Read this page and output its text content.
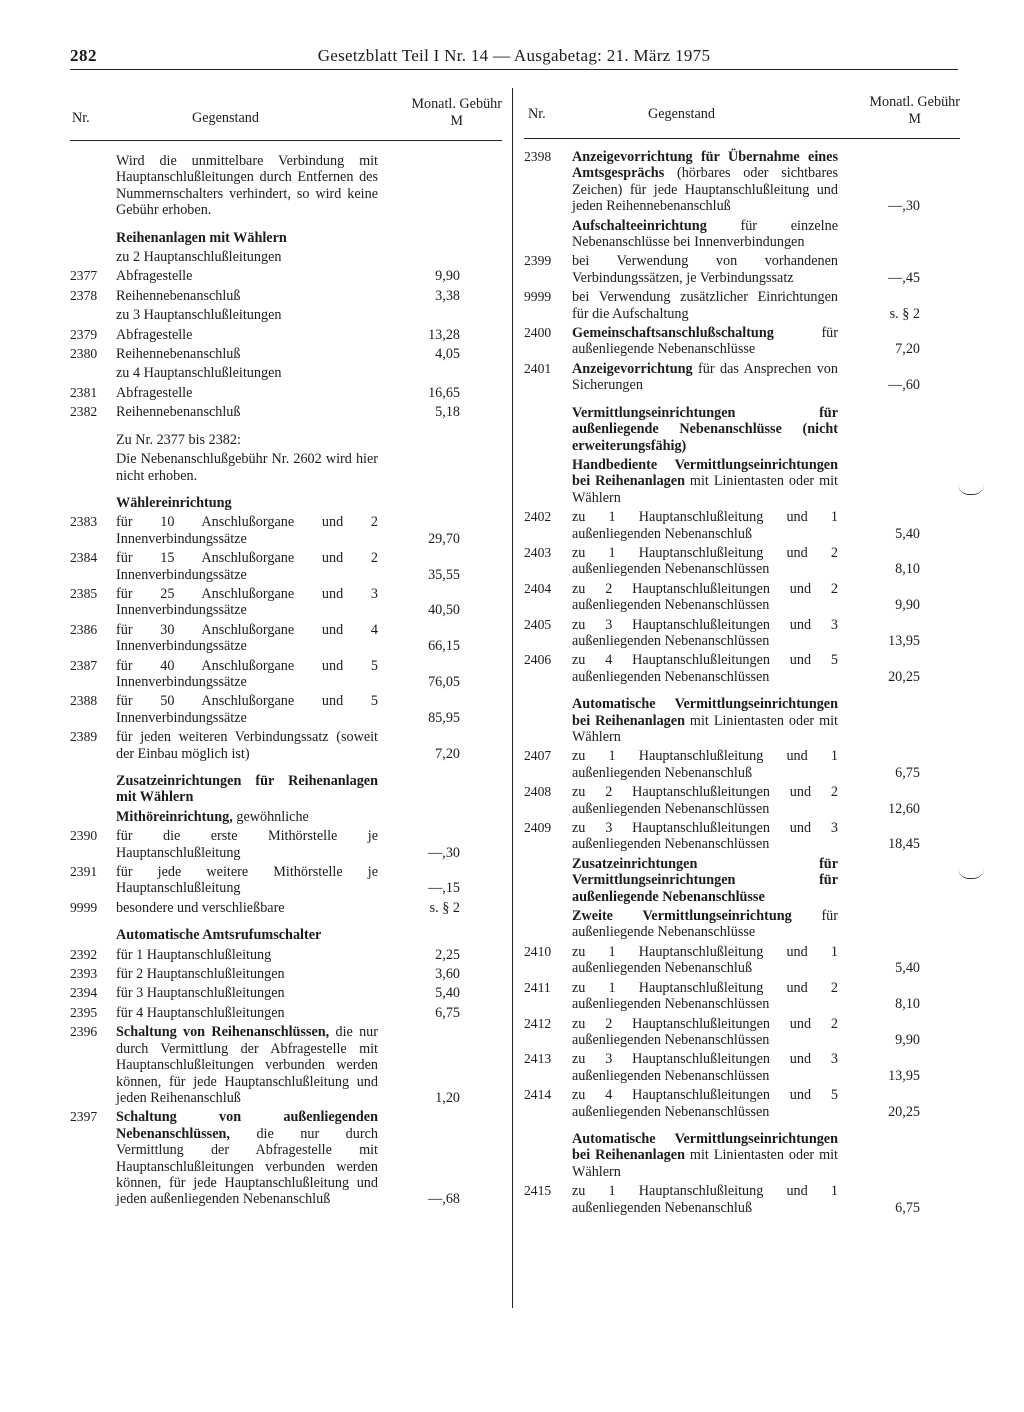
282	Gesetzblatt Teil I Nr. 14 — Ausgabetag: 21. März 1975
Nr.	Gegenstand
Monatl. Gebühr
M
Wird die unmittelbare Verbindung mit Hauptanschlußleitungen durch Entfernen des Nummernschalters verhindert, so wird keine Gebühr erhoben.
Reihenanlagen mit Wählern
zu 2 Hauptanschlußleitungen
2377	Abfragestelle	9,90
2378	Reihennebenanschluß	3,38
zu 3 Hauptanschlußleitungen
2379	Abfragestelle	13,28
2380	Reihennebenanschluß	4,05
zu 4 Hauptanschlußleitungen
2381	Abfragestelle	16,65
2382	Reihennebenanschluß	5,18
Zu Nr. 2377 bis 2382:
Die Nebenanschlußgebühr Nr. 2602 wird hier nicht erhoben.
Wählereinrichtung
2383	für 10 Anschlußorgane und 2 Innenverbindungssätze	29,70
2384	für 15 Anschlußorgane und 2 Innenverbindungssätze	35,55
2385	für 25 Anschlußorgane und 3 Innenverbindungssätze	40,50
2386	für 30 Anschlußorgane und 4 Innenverbindungssätze	66,15
2387	für 40 Anschlußorgane und 5 Innenverbindungssätze	76,05
2388	für 50 Anschlußorgane und 5 Innenverbindungssätze	85,95
2389	für jeden weiteren Verbindungssatz (soweit der Einbau möglich ist)	7,20
Zusatzeinrichtungen für Reihenanlagen mit Wählern
Mithöreinrichtung, gewöhnliche
2390	für die erste Mithörstelle je Hauptanschlußleitung	—,30
2391	für jede weitere Mithörstelle je Hauptanschlußleitung	—,15
9999	besondere und verschließbare	s. § 2
Automatische Amtsrufumschalter
2392	für 1 Hauptanschlußleitung	2,25
2393	für 2 Hauptanschlußleitungen	3,60
2394	für 3 Hauptanschlußleitungen	5,40
2395	für 4 Hauptanschlußleitungen	6,75
2396	Schaltung von Reihenanschlüssen, die nur durch Vermittlung der Abfragestelle mit Hauptanschlußleitungen verbunden werden können, für jede Hauptanschlußleitung und jeden Reihenanschluß	1,20
2397	Schaltung von außenliegenden Nebenanschlüssen, die nur durch Vermittlung der Abfragestelle mit Hauptanschlußleitungen verbunden werden können, für jede Hauptanschlußleitung und jeden außenliegenden Nebenanschluß	—,68
Nr.	Gegenstand
Monatl. Gebühr
M
2398	Anzeigevorrichtung für Übernahme eines Amtsgesprächs (hörbares oder sichtbares Zeichen) für jede Hauptanschlußleitung und jeden Reihennebenanschluß	—,30
Aufschalteeinrichtung für einzelne Nebenanschlüsse bei Innenverbindungen
2399	bei Verwendung von vorhandenen Verbindungssätzen, je Verbindungssatz	—,45
9999	bei Verwendung zusätzlicher Einrichtungen für die Aufschaltung	s. § 2
2400	Gemeinschaftsanschlußschaltung für außenliegende Nebenanschlüsse	7,20
2401	Anzeigevorrichtung für das Ansprechen von Sicherungen	—,60
Vermittlungseinrichtungen für außenliegende Nebenanschlüsse (nicht erweiterungsfähig)
Handbediente Vermittlungseinrichtungen bei Reihenanlagen mit Linientasten oder mit Wählern
2402	zu 1 Hauptanschlußleitung und 1 außenliegenden Nebenanschluß	5,40
2403	zu 1 Hauptanschlußleitung und 2 außenliegenden Nebenanschlüssen	8,10
2404	zu 2 Hauptanschlußleitungen und 2 außenliegenden Nebenanschlüssen	9,90
2405	zu 3 Hauptanschlußleitungen und 3 außenliegenden Nebenanschlüssen	13,95
2406	zu 4 Hauptanschlußleitungen und 5 außenliegenden Nebenanschlüssen	20,25
Automatische Vermittlungseinrichtungen bei Reihenanlagen mit Linientasten oder mit Wählern
2407	zu 1 Hauptanschlußleitung und 1 außenliegenden Nebenanschluß	6,75
2408	zu 2 Hauptanschlußleitungen und 2 außenliegenden Nebenanschlüssen	12,60
2409	zu 3 Hauptanschlußleitungen und 3 außenliegenden Nebenanschlüssen	18,45
Zusatzeinrichtungen für Vermittlungseinrichtungen für außenliegende Nebenanschlüsse
Zweite Vermittlungseinrichtung für außenliegende Nebenanschlüsse
2410	zu 1 Hauptanschlußleitung und 1 außenliegenden Nebenanschluß	5,40
2411	zu 1 Hauptanschlußleitung und 2 außenliegenden Nebenanschlüssen	8,10
2412	zu 2 Hauptanschlußleitungen und 2 außenliegenden Nebenanschlüssen	9,90
2413	zu 3 Hauptanschlußleitungen und 3 außenliegenden Nebenanschlüssen	13,95
2414	zu 4 Hauptanschlußleitungen und 5 außenliegenden Nebenanschlüssen	20,25
Automatische Vermittlungseinrichtungen bei Reihenanlagen mit Linientasten oder mit Wählern
2415	zu 1 Hauptanschlußleitung und 1 außenliegenden Nebenanschluß	6,75
